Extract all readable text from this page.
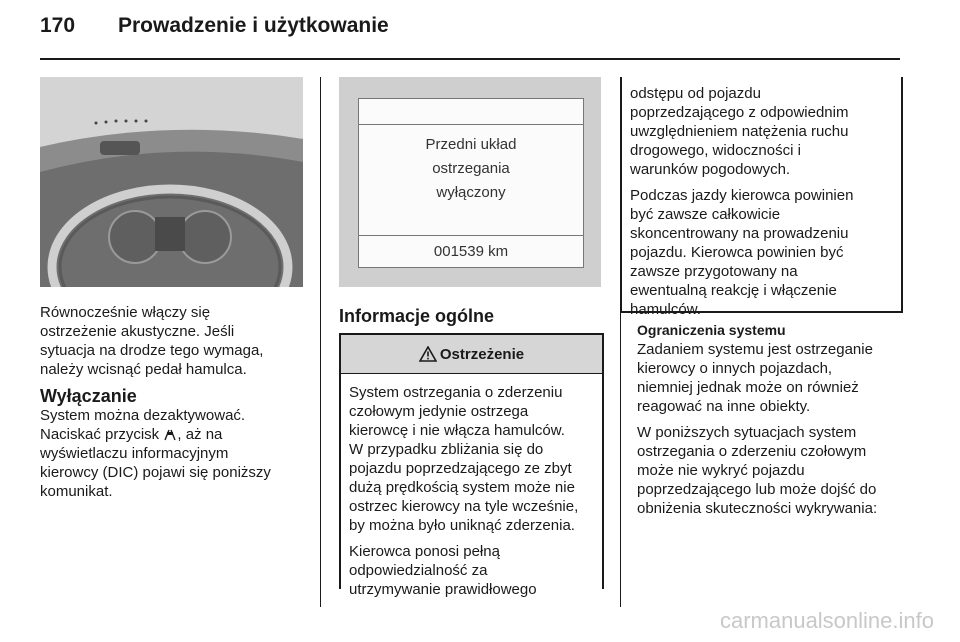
170 Prowadzenie i użytkowanie

Równocześnie włączy się
ostrzeżenie akustyczne. Jeśli
sytuacja na drodze tego wymaga,
należy wcisnąć pedał hamulca.

Wyłączanie

System można dezaktywować.
Naciskać przycisk , aż na
wyświetlaczu informacyjnym
kierowcy (DIC) pojawi się poniższy
komunikat.

Przedni układ
ostrzegania
wyłączony
001539 km
Informacje ogólne
Ostrzeżenie

System ostrzegania o zderzeniu
czołowym jedynie ostrzega
kierowcę i nie włącza hamulców.
W przypadku zbliżania się do
pojazdu poprzedzającego ze zbyt
dużą prędkością system może nie
ostrzec kierowcy na tyle wcześnie,
by można było uniknąć zderzenia.

Kierowca ponosi pełną
odpowiedzialność za
utrzymywanie prawidłowego

odstępu od pojazdu
poprzedzającego z odpowiednim
uwzględnieniem natężenia ruchu
drogowego, widoczności i
warunków pogodowych.

Podczas jazdy kierowca powinien
być zawsze całkowicie
skoncentrowany na prowadzeniu
pojazdu. Kierowca powinien być
zawsze przygotowany na
ewentualną reakcję i włączenie
hamulców.

Ograniczenia systemu

Zadaniem systemu jest ostrzeganie
kierowcy o innych pojazdach,
niemniej jednak może on również
reagować na inne obiekty.

W poniższych sytuacjach system
ostrzegania o zderzeniu czołowym
może nie wykryć pojazdu
poprzedzającego lub może dojść do
obniżenia skuteczności wykrywania:

carmanualsonline.info
